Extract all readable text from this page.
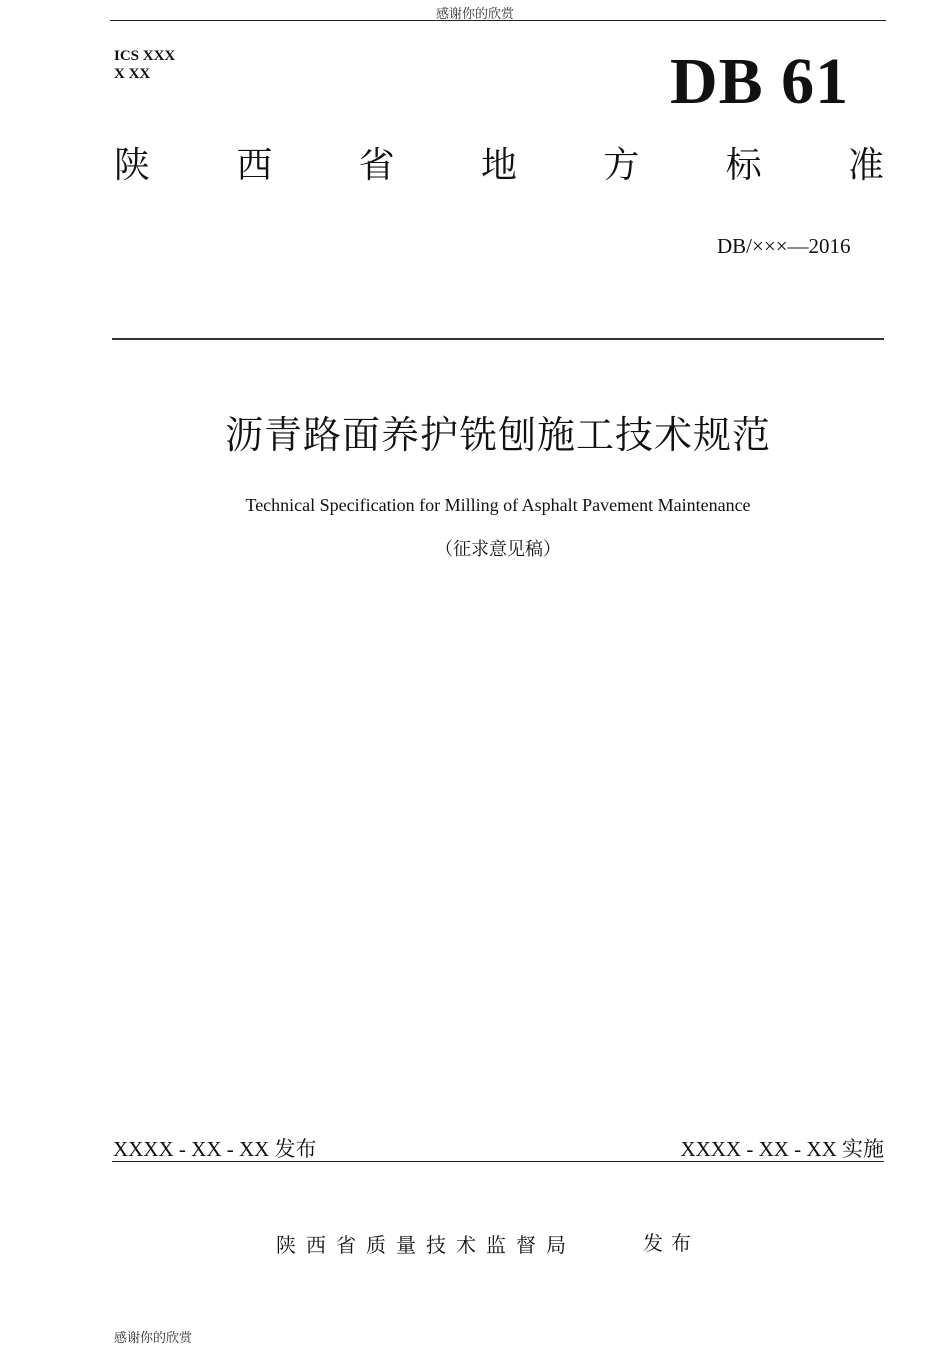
感谢你的欣赏
ICS XXX
X XX	DB 61
陕 西 省 地 方 标 准
DB/×××—2016
沥青路面养护铣刨施工技术规范
Technical Specification for Milling of Asphalt Pavement Maintenance
（征求意见稿）
XXXX - XX - XX 发布	XXXX - XX - XX 实施
陕西省质量技术监督局	发布
感谢你的欣赏
